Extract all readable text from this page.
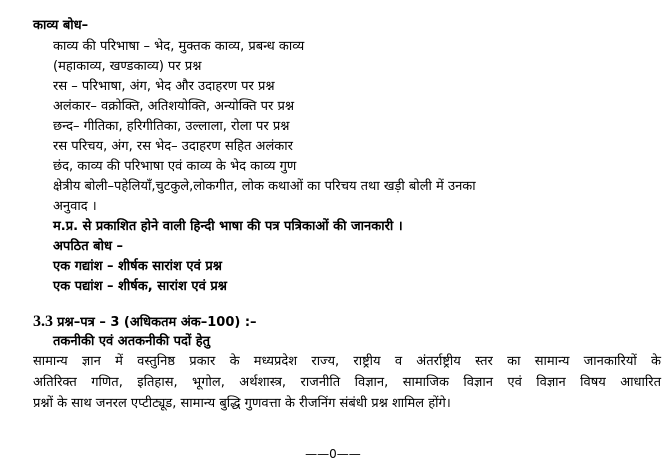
काव्य बोध–
काव्य की परिभाषा – भेद, मुक्तक काव्य, प्रबन्ध काव्य
(महाकाव्य, खण्डकाव्य) पर प्रश्न
रस – परिभाषा, अंग, भेद और उदाहरण पर प्रश्न
अलंकार– वक्रोक्ति, अतिशयोक्ति, अन्योक्ति पर प्रश्न
छन्द– गीतिका, हरिगीतिका, उल्लाला, रोला पर प्रश्न
रस परिचय, अंग, रस भेद– उदाहरण सहित अलंकार
छंद, काव्य की परिभाषा एवं काव्य के भेद काव्य गुण
क्षेत्रीय बोली–पहेलियाँ,चुटकुले,लोकगीत, लोक कथाओं का परिचय तथा खड़ी बोली में उनका
अनुवाद ।
म.प्र. से प्रकाशित होने वाली हिन्दी भाषा की पत्र पत्रिकाओं की जानकारी ।
अपठित बोध –
एक गद्यांश – शीर्षक सारांश एवं प्रश्न
एक पद्यांश – शीर्षक, सारांश एवं प्रश्न
3.3 प्रश्न–पत्र – 3 (अधिकतम अंक–100) :–
तकनीकी एवं अतकनीकी पदों हेतु
सामान्य ज्ञान में वस्तुनिष्ठ प्रकार के मध्यप्रदेश राज्य, राष्ट्रीय व अंतर्राष्ट्रीय स्तर का सामान्य जानकारियों के
अतिरिक्त गणित, इतिहास, भूगोल, अर्थशास्त्र, राजनीति विज्ञान, सामाजिक विज्ञान एवं विज्ञान विषय आधारित
प्रश्नों के साथ जनरल एप्टीट्यूड, सामान्य बुद्धि गुणवत्ता के रीजनिंग संबंधी प्रश्न शामिल होंगे।
——0——
